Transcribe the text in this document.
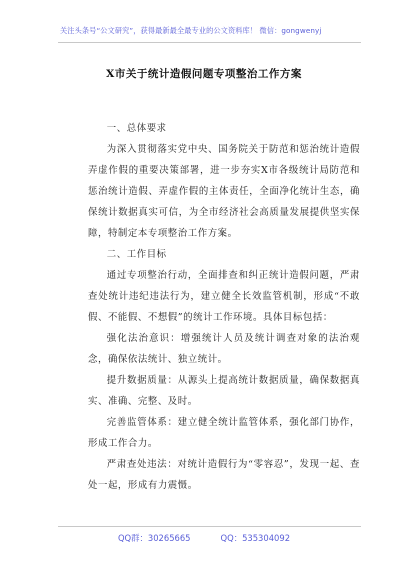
关注头条号“公文研究”，获得最新最全最专业的公文资料库！ 微信：gongwenyj
X市关于统计造假问题专项整治工作方案

一、总体要求

为深入贯彻落实党中央、国务院关于防范和惩治统计造假弄虚作假的重要决策部署，进一步夯实X市各级统计局防范和惩治统计造假、弄虚作假的主体责任，全面净化统计生态，确保统计数据真实可信，为全市经济社会高质量发展提供坚实保障，特制定本专项整治工作方案。

二、工作目标

通过专项整治行动，全面排查和纠正统计造假问题，严肃查处统计违纪违法行为，建立健全长效监管机制，形成“不敢假、不能假、不想假”的统计工作环境。具体目标包括：

强化法治意识：增强统计人员及统计调查对象的法治观念，确保依法统计、独立统计。

提升数据质量：从源头上提高统计数据质量，确保数据真实、准确、完整、及时。

完善监管体系：建立健全统计监管体系，强化部门协作，形成工作合力。

严肃查处违法：对统计造假行为“零容忍”，发现一起、查处一起，形成有力震慑。

QQ群：30265665	QQ：535304092
